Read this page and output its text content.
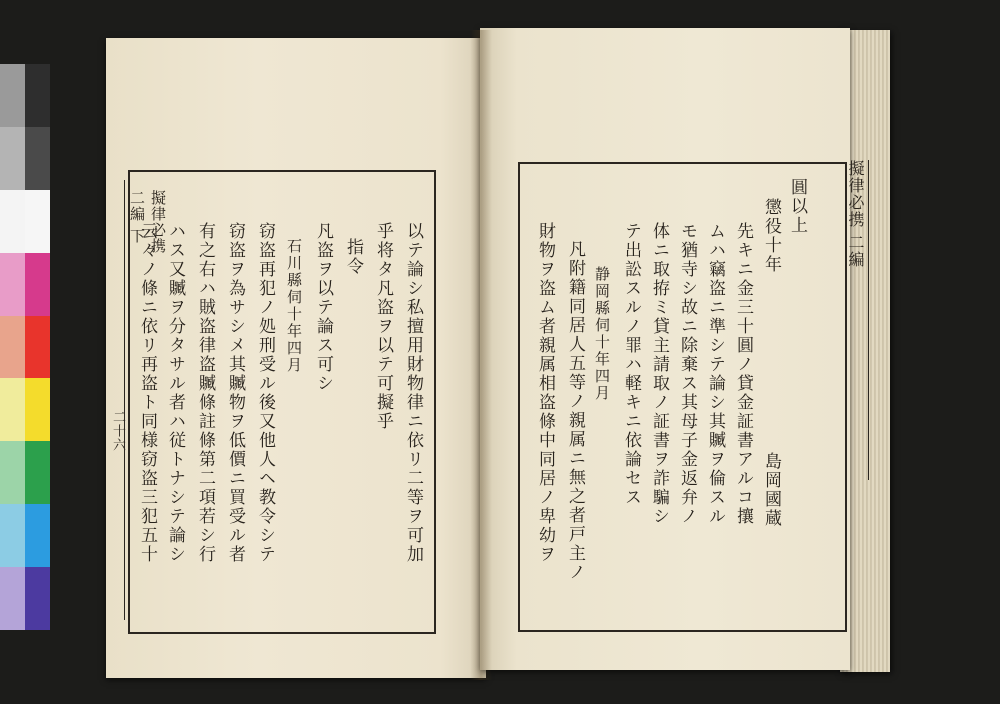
擬律必携
二編 下
二十六
擬律必携 二編
以テ論シ私擅用財物律ニ依リ二等ヲ可加
乎将タ凡盗ヲ以テ可擬乎
指令
凡盗ヲ以テ論ス可シ
石川縣伺十年四月
窃盗再犯ノ処刑受ル後又他人ヘ教令シテ
窃盗ヲ為サシメ其贓物ヲ低價ニ買受ル者
有之右ハ賊盗律盗贓條註條第二項若シ行
ハス又贓ヲ分タサル者ハ従トナシテ論シ
云々ノ條ニ依リ再盗ト同様窃盗三犯五十
圓以上
懲役十年
島岡國蔵
先キニ金三十圓ノ貸金証書アルコ攘
ムハ竊盗ニ準シテ論シ其贓ヲ倫スル
モ猶寺シ故ニ除棄ス其母子金返弁ノ
体ニ取拵ミ貸主請取ノ証書ヲ詐騙シ
テ出訟スルノ罪ハ軽キニ依論セス
静岡縣伺十年四月
凡附籍同居人五等ノ親属ニ無之者戸主ノ
財物ヲ盗ム者親属相盗條中同居ノ卑幼ヲ
